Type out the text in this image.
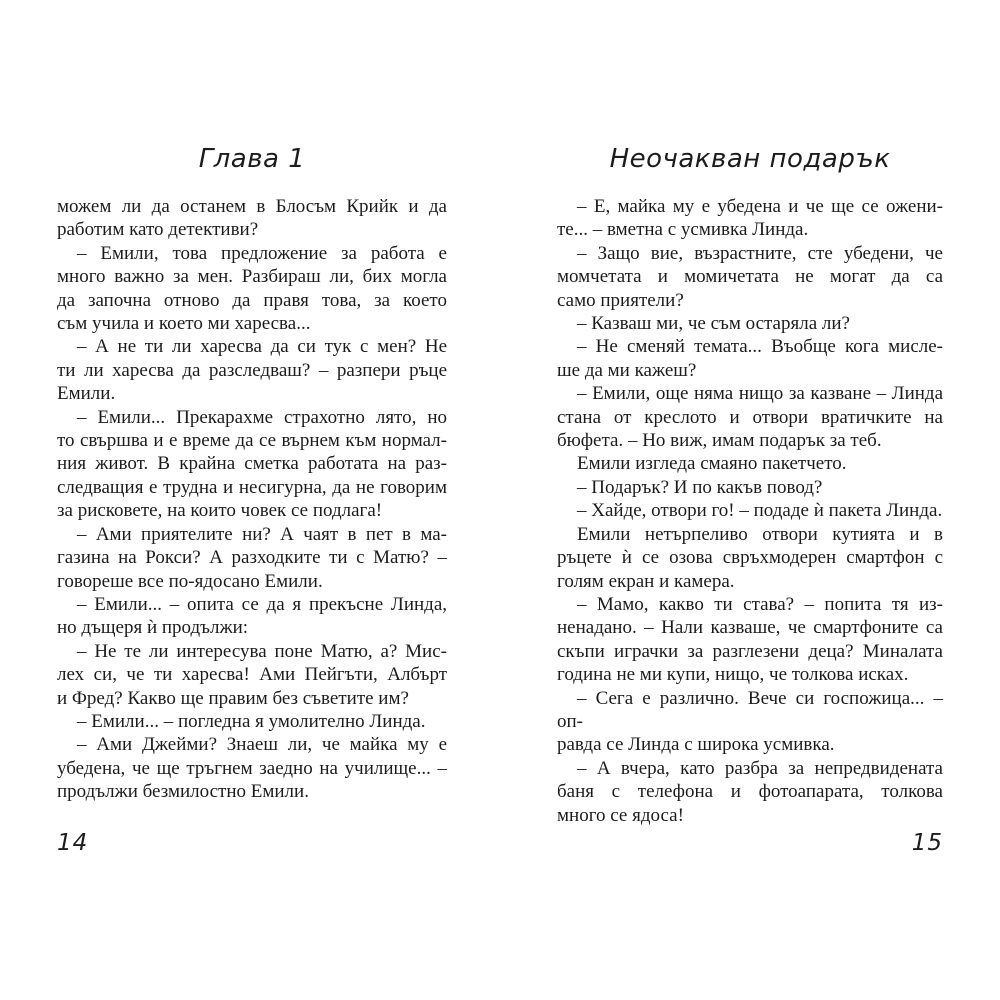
Глава 1

можем ли да останем в Блосъм Крийк и да

работим като детективи?

– Емили, това предложение за работа е

много важно за мен. Разбираш ли, бих могла

да започна отново да правя това, за което

съм учила и което ми харесва...

– А не ти ли харесва да си тук с мен? Не

ти ли харесва да разследваш? – разпери ръце

Емили.

– Емили... Прекарахме страхотно лято, но

то свършва и е време да се върнем към нормал-

ния живот. В крайна сметка работата на раз-

следващия е трудна и несигурна, да не говорим

за рисковете, на които човек се подлага!

– Ами приятелите ни? А чаят в пет в ма-

газина на Рокси? А разходките ти с Матю? –

говореше все по-ядосано Емили.

– Емили... – опита се да я прекъсне Линда,

но дъщеря ѝ продължи:

– Не те ли интересува поне Матю, а? Мис-

лех си, че ти харесва! Ами Пейгъти, Албърт

и Фред? Какво ще правим без съветите им?

– Емили... – погледна я умолително Линда.

– Ами Джейми? Знаеш ли, че майка му е

убедена, че ще тръгнем заедно на училище... –

продължи безмилостно Емили.

14
Неочакван подарък

– Е, майка му е убедена и че ще се ожени-

те... – вметна с усмивка Линда.

– Защо вие, възрастните, сте убедени, че

момчетата и момичетата не могат да са

само приятели?

– Казваш ми, че съм остаряла ли?

– Не сменяй темата... Въобще кога мисле-

ше да ми кажеш?

– Емили, още няма нищо за казване – Линда

стана от креслото и отвори вратичките на

бюфета. – Но виж, имам подарък за теб.

Емили изгледа смаяно пакетчето.

– Подарък? И по какъв повод?

– Хайде, отвори го! – подаде ѝ пакета Линда.

Емили нетърпеливо отвори кутията и в

ръцете ѝ се озова свръхмодерен смартфон с

голям екран и камера.

– Мамо, какво ти става? – попита тя из-

ненадано. – Нали казваше, че смартфоните са

скъпи играчки за разглезени деца? Миналата

година не ми купи, нищо, че толкова исках.

– Сега е различно. Вече си госпожица... – оп-

равда се Линда с широка усмивка.

– А вчера, като разбра за непредвидената

баня с телефона и фотоапарата, толкова

много се ядоса!

15
